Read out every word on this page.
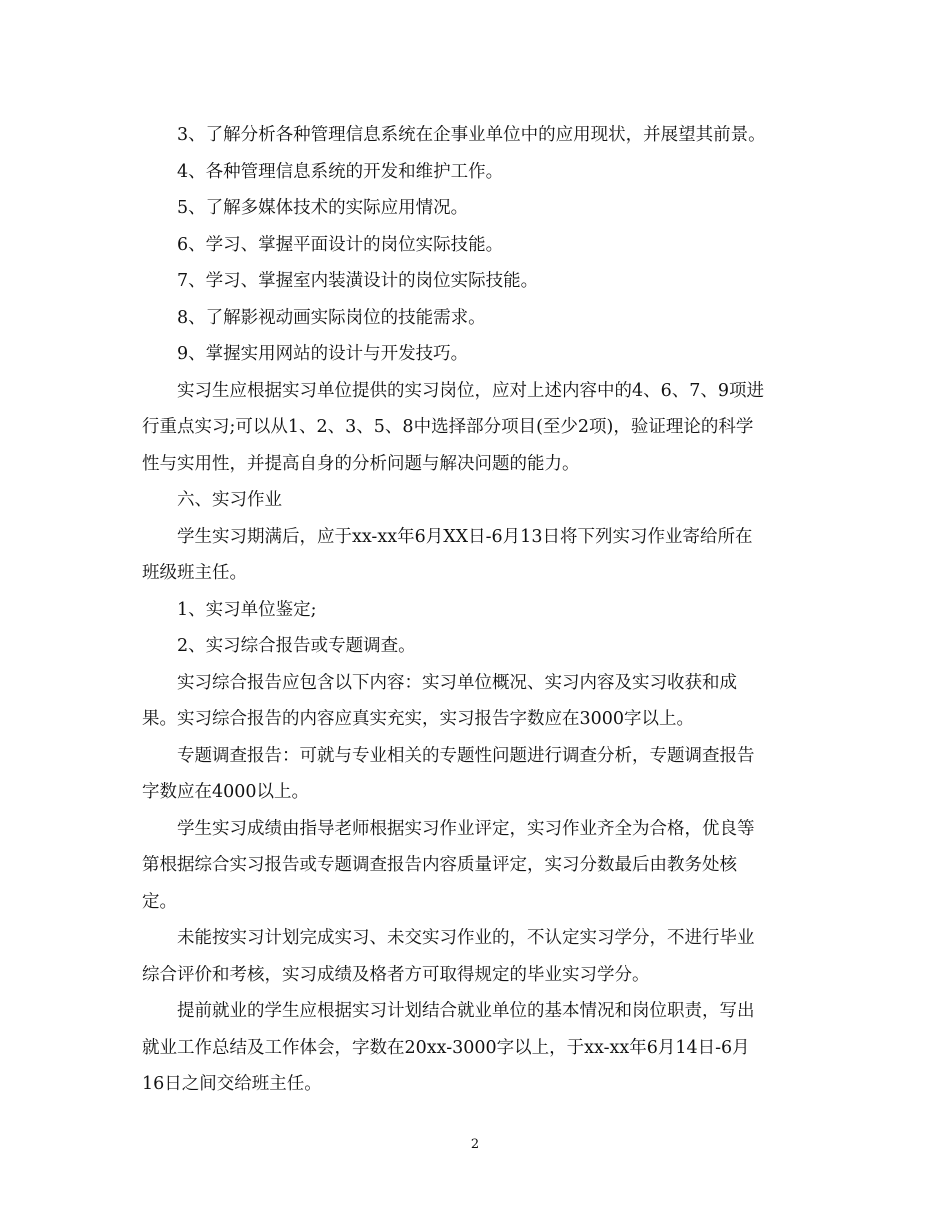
3、了解分析各种管理信息系统在企事业单位中的应用现状，并展望其前景。
4、各种管理信息系统的开发和维护工作。
5、了解多媒体技术的实际应用情况。
6、学习、掌握平面设计的岗位实际技能。
7、学习、掌握室内装潢设计的岗位实际技能。
8、了解影视动画实际岗位的技能需求。
9、掌握实用网站的设计与开发技巧。
实习生应根据实习单位提供的实习岗位，应对上述内容中的4、6、7、9项进
行重点实习;可以从1、2、3、5、8中选择部分项目(至少2项)，验证理论的科学
性与实用性，并提高自身的分析问题与解决问题的能力。
六、实习作业
学生实习期满后，应于xx-xx年6月XX日-6月13日将下列实习作业寄给所在
班级班主任。
1、实习单位鉴定;
2、实习综合报告或专题调查。
实习综合报告应包含以下内容：实习单位概况、实习内容及实习收获和成
果。实习综合报告的内容应真实充实，实习报告字数应在3000字以上。
专题调查报告：可就与专业相关的专题性问题进行调查分析，专题调查报告
字数应在4000以上。
学生实习成绩由指导老师根据实习作业评定，实习作业齐全为合格，优良等
第根据综合实习报告或专题调查报告内容质量评定，实习分数最后由教务处核
定。
未能按实习计划完成实习、未交实习作业的，不认定实习学分，不进行毕业
综合评价和考核，实习成绩及格者方可取得规定的毕业实习学分。
提前就业的学生应根据实习计划结合就业单位的基本情况和岗位职责，写出
就业工作总结及工作体会，字数在20xx-3000字以上，于xx-xx年6月14日-6月
16日之间交给班主任。
2
